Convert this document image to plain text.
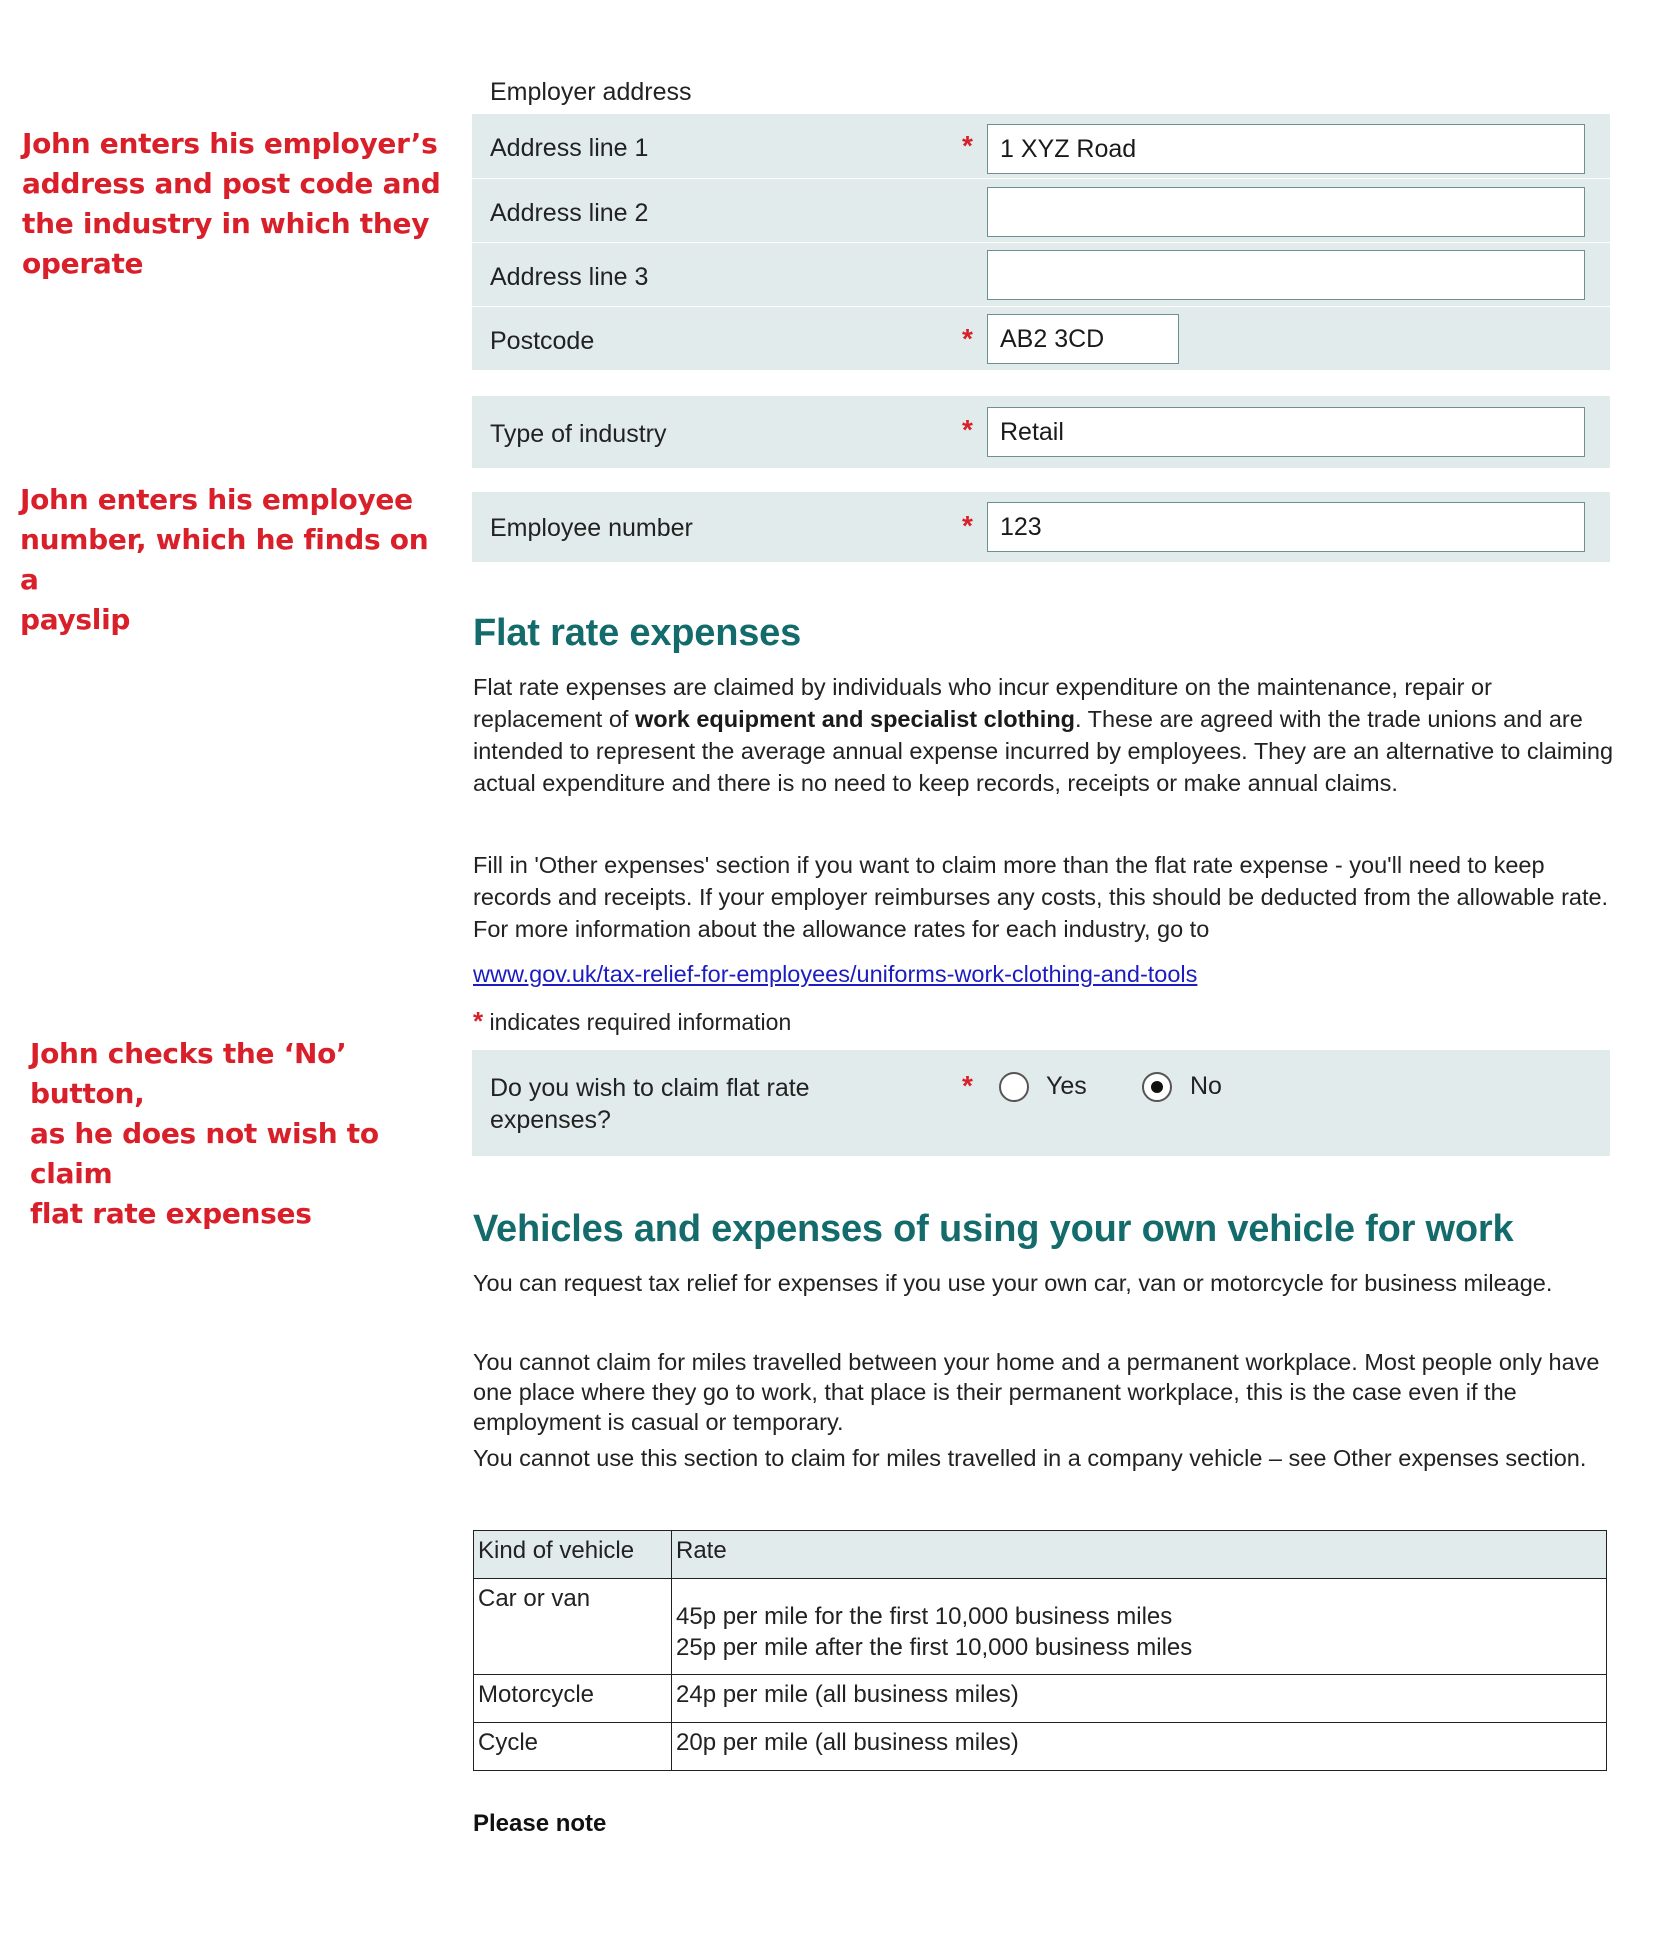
John enters his employer’s
address and post code and
the industry in which they
operate
John enters his employee
number, which he finds on a
payslip
John checks the ‘No’ button,
as he does not wish to claim
flat rate expenses
Employer address
Address line 1	*	1 XYZ Road
Address line 2
Address line 3
Postcode	*	AB2 3CD
Type of industry	*	Retail
Employee number	*	123
Flat rate expenses
Flat rate expenses are claimed by individuals who incur expenditure on the maintenance, repair or replacement of work equipment and specialist clothing. These are agreed with the trade unions and are intended to represent the average annual expense incurred by employees. They are an alternative to claiming actual expenditure and there is no need to keep records, receipts or make annual claims.
Fill in 'Other expenses' section if you want to claim more than the flat rate expense - you'll need to keep records and receipts. If your employer reimburses any costs, this should be deducted from the allowable rate. For more information about the allowance rates for each industry, go to
www.gov.uk/tax-relief-for-employees/uniforms-work-clothing-and-tools
* indicates required information
Do you wish to claim flat rate
expenses?
*	Yes	No
Vehicles and expenses of using your own vehicle for work
You can request tax relief for expenses if you use your own car, van or motorcycle for business mileage.
You cannot claim for miles travelled between your home and a permanent workplace. Most people only have one place where they go to work, that place is their permanent workplace, this is the case even if the employment is casual or temporary.
You cannot use this section to claim for miles travelled in a company vehicle – see Other expenses section.
Kind of vehicle	Rate
Car or van	45p per mile for the first 10,000 business miles
25p per mile after the first 10,000 business miles

Motorcycle	24p per mile (all business miles)
Cycle	20p per mile (all business miles)
Please note
